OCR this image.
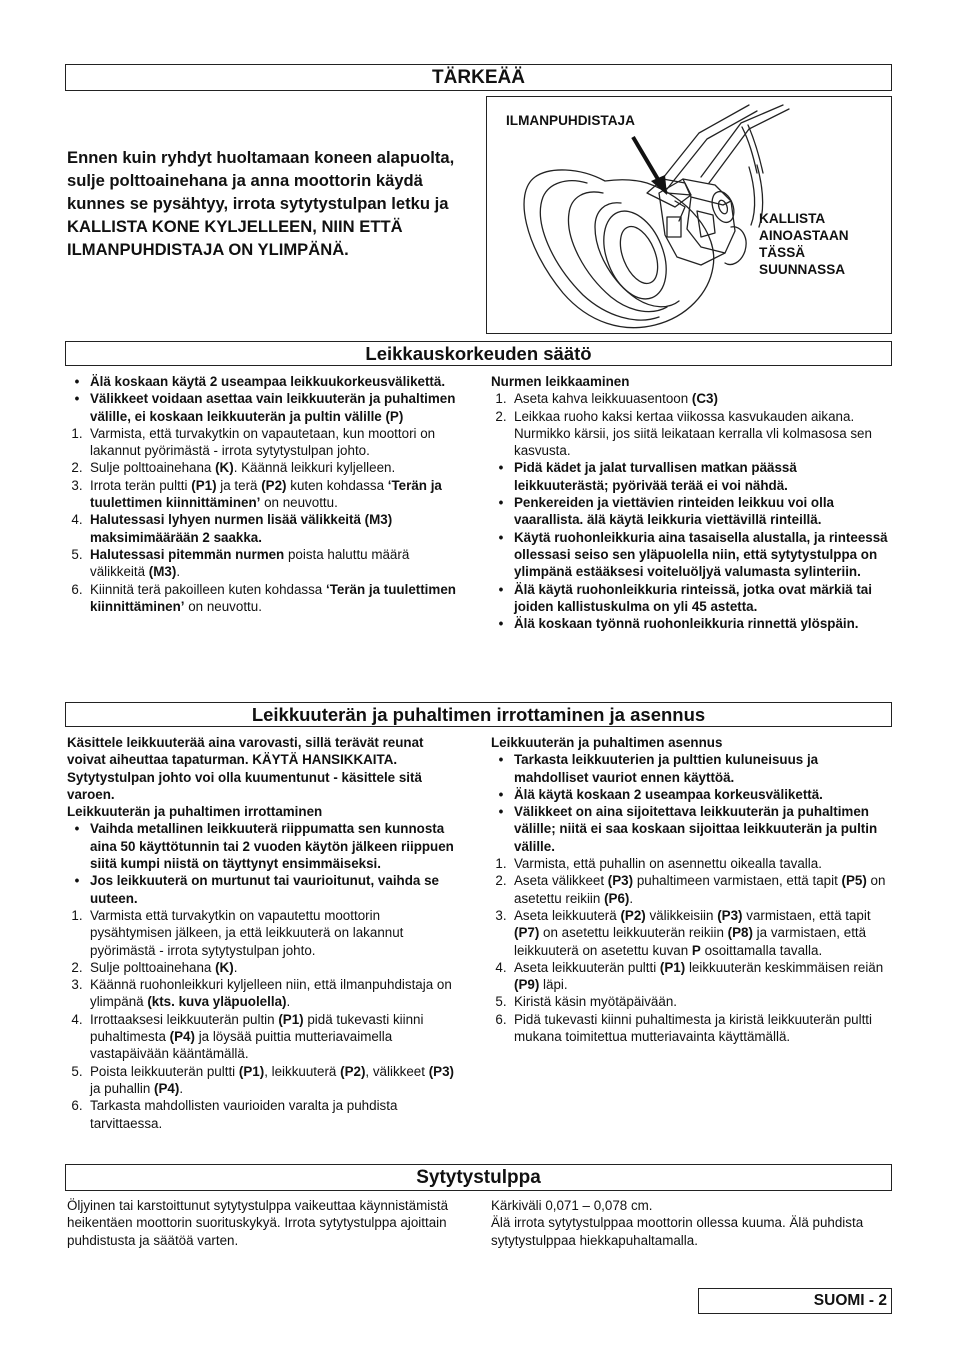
TÄRKEÄÄ
Ennen kuin ryhdyt huoltamaan koneen alapuolta, sulje polttoainehana ja anna moottorin käydä kunnes se pysähtyy, irrota sytytystulpan letku ja KALLISTA KONE KYLJELLEEN, NIIN ETTÄ ILMANPUHDISTAJA ON YLIMPÄNÄ.
ILMANPUHDISTAJA
KALLISTA
AINOASTAAN
TÄSSÄ
SUUNNASSA
Leikkauskorkeuden säätö
• Älä koskaan käytä 2 useampaa leikkuukorkeusvälikettä.
• Välikkeet voidaan asettaa vain leikkuuterän ja puhaltimen välille, ei koskaan leikkuuterän ja pultin välille (P)
1. Varmista, että turvakytkin on vapautetaan, kun moottori on lakannut pyörimästä - irrota sytytystulpan johto.
2. Sulje polttoainehana (K). Käännä leikkuri kyljelleen.
3. Irrota terän pultti (P1) ja terä (P2) kuten kohdassa ‘Terän ja tuulettimen kiinnittäminen’ on neuvottu.
4. Halutessasi lyhyen nurmen lisää välikkeitä (M3) maksimimäärään 2 saakka.
5. Halutessasi pitemmän nurmen poista haluttu määrä välikkeitä (M3).
6. Kiinnitä terä pakoilleen kuten kohdassa ‘Terän ja tuulettimen kiinnittäminen’ on neuvottu.

Nurmen leikkaaminen

1. Aseta kahva leikkuuasentoon (C3)
2. Leikkaa ruoho kaksi kertaa viikossa kasvukauden aikana. Nurmikko kärsii, jos siitä leikataan kerralla vli kolmasosa sen kasvusta.
• Pidä kädet ja jalat turvallisen matkan päässä leikkuuterästä; pyörivää terää ei voi nähdä.
• Penkereiden ja viettävien rinteiden leikkuu voi olla vaarallista. älä käytä leikkuria viettävillä rinteillä.
• Käytä ruohonleikkuria aina tasaisella alustalla, ja rinteessä ollessasi seiso sen yläpuolella niin, että sytytystulppa on ylimpänä estääksesi voiteluöljyä valumasta sylinteriin.
• Älä käytä ruohonleikkuria rinteissä, jotka ovat märkiä tai joiden kallistuskulma on yli 45 astetta.
• Älä koskaan työnnä ruohonleikkuria rinnettä ylöspäin.
Leikkuuterän ja puhaltimen irrottaminen ja asennus

Käsittele leikkuuterää aina varovasti, sillä terävät reunat voivat aiheuttaa tapaturman. KÄYTÄ HANSIKKAITA. Sytytystulpan johto voi olla kuumentunut - käsittele sitä varoen.

Leikkuuterän ja puhaltimen irrottaminen

• Vaihda metallinen leikkuuterä riippumatta sen kunnosta aina 50 käyttötunnin tai 2 vuoden käytön jälkeen riippuen siitä kumpi niistä on täyttynyt ensimmäiseksi.
• Jos leikkuuterä on murtunut tai vaurioitunut, vaihda se uuteen.
1. Varmista että turvakytkin on vapautettu moottorin pysähtymisen jälkeen, ja että leikkuuterä on lakannut pyörimästä - irrota sytytystulpan johto.
2. Sulje polttoainehana (K).
3. Käännä ruohonleikkuri kyljelleen niin, että ilmanpuhdistaja on ylimpänä (kts. kuva yläpuolella).
4. Irrottaaksesi leikkuuterän pultin (P1) pidä tukevasti kiinni puhaltimesta (P4) ja löysää puittia mutteriavaimella vastapäivään kääntämällä.
5. Poista leikkuuterän pultti (P1), leikkuuterä (P2), välikkeet (P3) ja puhallin (P4).
6. Tarkasta mahdollisten vaurioiden varalta ja puhdista tarvittaessa.

Leikkuuterän ja puhaltimen asennus

• Tarkasta leikkuuterien ja pulttien kuluneisuus ja mahdolliset vauriot ennen käyttöä.
• Älä käytä koskaan 2 useampaa korkeusvälikettä.
• Välikkeet on aina sijoitettava leikkuuterän ja puhaltimen välille; niitä ei saa koskaan sijoittaa leikkuuterän ja pultin välille.
1. Varmista, että puhallin on asennettu oikealla tavalla.
2. Aseta välikkeet (P3) puhaltimeen varmistaen, että tapit (P5) on asetettu reikiin (P6).
3. Aseta leikkuuterä (P2) välikkeisiin (P3) varmistaen, että tapit (P7) on asetettu leikkuuterän reikiin (P8) ja varmistaen, että leikkuuterä on asetettu kuvan P osoittamalla tavalla.
4. Aseta leikkuuterän pultti (P1) leikkuuterän keskimmäisen reiän (P9) läpi.
5. Kiristä käsin myötäpäivään.
6. Pidä tukevasti kiinni puhaltimesta ja kiristä leikkuuterän pultti mukana toimitettua mutteriavainta käyttämällä.
Sytytystulppa

Öljyinen tai karstoittunut sytytystulppa vaikeuttaa käynnistämistä heikentäen moottorin suorituskykyä. Irrota sytytystulppa ajoittain puhdistusta ja säätöä varten.

Kärkiväli 0,071 – 0,078 cm.

Älä irrota sytytystulppaa moottorin ollessa kuuma. Älä puhdista sytytystulppaa hiekkapuhaltamalla.

SUOMI - 2
